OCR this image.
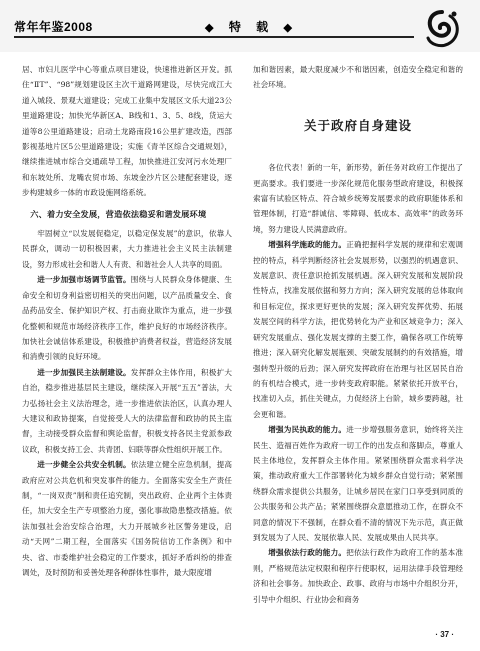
常年年鉴2008	◆ 特 载 ◆

居、市妇儿医学中心等重点项目建设，快速推进新区开发。抓住“ⅡT”、“98”规划建设区主次干道路网建设，尽快完成江大道入城段、景观大道建设；完成工业集中发展区文乐大道23公里道路建设；加快光华新区A、B线和1、3、5、8线，货运大道等8公里道路建设；启动土龙路南段16公里扩建改造，西部影视基地片区5公里道路建设；实施《青羊区综合交通规划》，继续推进城市综合交通疏导工程，加快推进江安河污水处理厂和东坡处所、龙嘴农贸市场、东坡金沙片区公建配套建设，逐步构建城乡一体的市政设施网络系统。

六、着力安全发展，营造依法稳妥和谐发展环境

牢固树立“以发展促稳定，以稳定保发展”的意识，依靠人民群众，调动一切积极因素，大力推进社会主义民主法制建设，努力形成社会和谐人人有责、和谐社会人人共享的局面。

进一步加强市场调节监管。围绕与人民群众身体健康、生命安全和切身利益密切相关的突出问题，以产品质量安全、食品药品安全、保护知识产权、打击商业欺诈为重点，进一步强化整顿和规范市场经济秩序工作，维护良好的市场经济秩序。加快社会诚信体系建设，积极推护消费者权益，营造经济发展和消费引领的良好环境。

进一步加强民主法制建设。发挥群众主体作用，积极扩大自治，稳步推进基层民主建设，继续深入开展“五五”普法，大力弘扬社会主义法治理念，进一步推进依法治区，认真办理人大建议和政协提案，自觉接受人大的法律监督和政协的民主监督，主动接受群众监督和舆论监督，积极支持各民主党派参政议政，积极支持工会、共青团、妇联等群众性组织开展工作。

进一步健全公共安全机制。依法建立健全应急机制，提高政府应对公共危机和突发事件的能力。全面落实安全生产责任制，“一岗双责”制和责任追究制，突出政府、企业两个主体责任，加大安全生产专项整治力度，强化事故隐患整改措施。依法加强社会治安综合治理，大力开展城乡社区警务建设，启动“天网”二期工程，全面落实《国务院信访工作条例》和中央、省、市委维护社会稳定的工作要求，抓好矛盾纠纷的排查调处，及时预防和妥善处理各种群体性事件，最大限度增

加和谐因素，最大限度减少不和谐因素，创造安全稳定和谐的社会环境。

关于政府自身建设

各位代表！新的一年，新形势，新任务对政府工作提出了更高要求。我们要进一步深化规范化服务型政府建设，积极探索富有试验区特点、符合城乡统筹发展要求的政府职能体系和管理体制，打造“群诚信、零障碍、低成本、高效率”的政务环境，努力建设人民满意政府。

增强科学施政的能力。正确把握科学发展的规律和宏观调控的特点，科学判断经济社会发展形势，以强烈的机遇意识、发展意识、责任意识抢抓发展机遇。深入研究发展和发展阶段性特点，找准发展依据和努力方向；深入研究发展的总体取向和目标定位，探求更好更快的发展；深入研究发挥优势、拓展发展空间的科学方法，把优势转化为产业和区域竞争力；深入研究发展重点、强化发展支撑的主要工作，确保各项工作统筹推进；深入研究化解发展瓶颈、突破发展制约的有效措施，增强转型升级的后劲；深入研究发挥政府在治理与社区居民自治的有机结合模式，进一步转变政府职能。紧紧依托开放平台，找准切入点，抓住关键点，力促经济上台阶，城乡要跨越，社会更和谐。

增强为民执政的能力。进一步增强服务意识，始终将关注民生、造福百姓作为政府一切工作的出发点和落脚点，尊重人民主体地位，发挥群众主体作用。紧紧围绕群众需求科学决策，推动政府重大工作部署转化为城乡群众自觉行动；紧紧围绕群众需求提供公共服务，让城乡居民在家门口享受到同质的公共服务和公共产品；紧紧围绕群众意愿推动工作，在群众不同意的情况下不强制，在群众看不清的情况下先示范，真正做到发展为了人民、发展依靠人民、发展成果由人民共享。

增强依法行政的能力。把依法行政作为政府工作的基本准则，严格规范法定权限和程序行使职权，运用法律手段管理经济和社会事务。加快政企、政事、政府与市场中介组织分开，引导中介组织、行业协会和商务

· 37 ·
